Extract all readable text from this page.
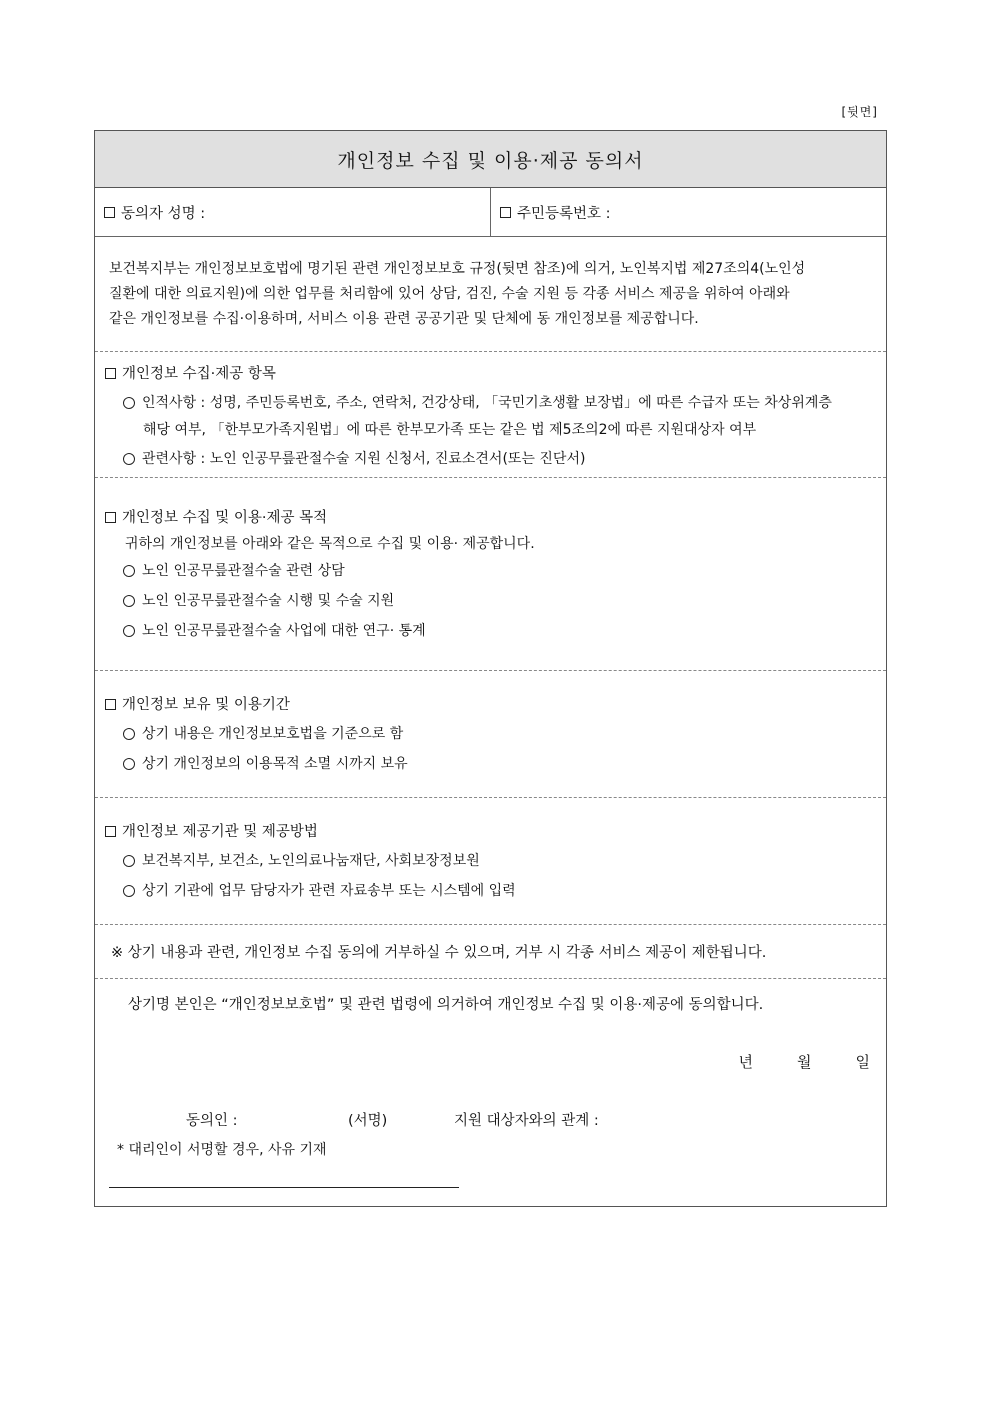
[뒷면]
개인정보 수집 및 이용·제공 동의서
동의자 성명 :	주민등록번호 :
보건복지부는 개인정보보호법에 명기된 관련 개인정보보호 규정(뒷면 참조)에 의거, 노인복지법 제27조의4(노인성
질환에 대한 의료지원)에 의한 업무를 처리함에 있어 상담, 검진, 수술 지원 등 각종 서비스 제공을 위하여 아래와
같은 개인정보를 수집·이용하며, 서비스 이용 관련 공공기관 및 단체에 동 개인정보를 제공합니다.
개인정보 수집·제공 항목
인적사항 : 성명, 주민등록번호, 주소, 연락처, 건강상태, 「국민기초생활 보장법」에 따른 수급자 또는 차상위계층
해당 여부, 「한부모가족지원법」에 따른 한부모가족 또는 같은 법 제5조의2에 따른 지원대상자 여부
관련사항 : 노인 인공무릎관절수술 지원 신청서, 진료소견서(또는 진단서)
개인정보 수집 및 이용·제공 목적
귀하의 개인정보를 아래와 같은 목적으로 수집 및 이용· 제공합니다.
노인 인공무릎관절수술 관련 상담
노인 인공무릎관절수술 시행 및 수술 지원
노인 인공무릎관절수술 사업에 대한 연구· 통계
개인정보 보유 및 이용기간
상기 내용은 개인정보보호법을 기준으로 함
상기 개인정보의 이용목적 소멸 시까지 보유
개인정보 제공기관 및 제공방법
보건복지부, 보건소, 노인의료나눔재단, 사회보장정보원
상기 기관에 업무 담당자가 관련 자료송부 또는 시스템에 입력
※ 상기 내용과 관련, 개인정보 수집 동의에 거부하실 수 있으며, 거부 시 각종 서비스 제공이 제한됩니다.
상기명 본인은 “개인정보보호법” 및 관련 법령에 의거하여 개인정보 수집 및 이용·제공에 동의합니다.
년	월	일
동의인 :	(서명)	지원 대상자와의 관계 :
* 대리인이 서명할 경우, 사유 기재
